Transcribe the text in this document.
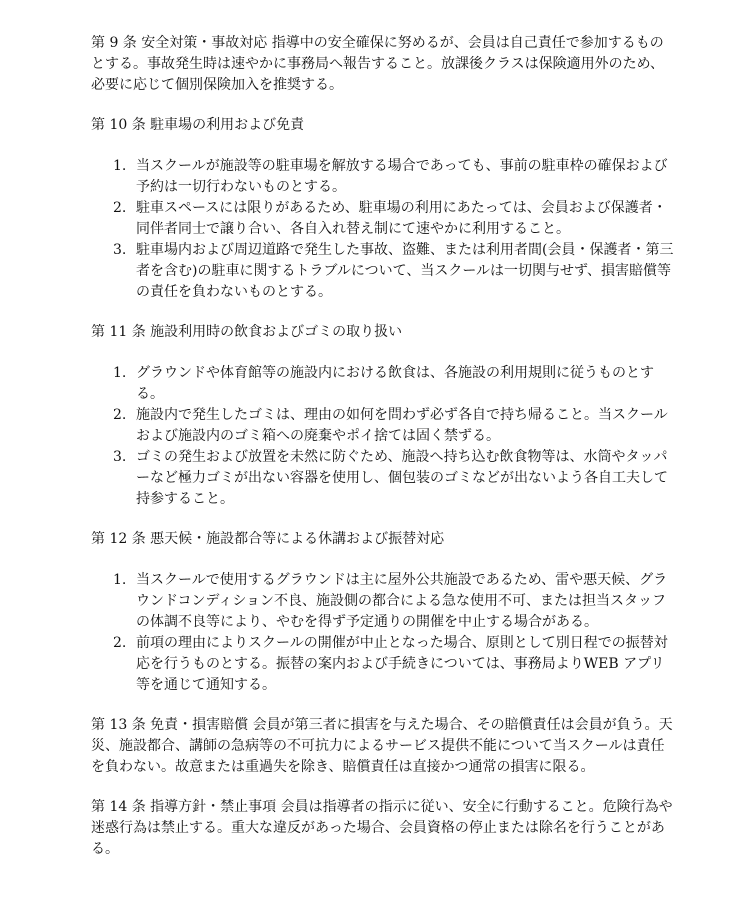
第 9 条 安全対策・事故対応 指導中の安全確保に努めるが、会員は自己責任で参加するものとする。事故発生時は速やかに事務局へ報告すること。放課後クラスは保険適用外のため、必要に応じて個別保険加入を推奨する。

第 10 条 駐車場の利用および免責

1. 当スクールが施設等の駐車場を解放する場合であっても、事前の駐車枠の確保および予約は一切行わないものとする。
2. 駐車スペースには限りがあるため、駐車場の利用にあたっては、会員および保護者・同伴者同士で譲り合い、各自入れ替え制にて速やかに利用すること。
3. 駐車場内および周辺道路で発生した事故、盗難、または利用者間(会員・保護者・第三者を含む)の駐車に関するトラブルについて、当スクールは一切関与せず、損害賠償等の責任を負わないものとする。

第 11 条 施設利用時の飲食およびゴミの取り扱い

1. グラウンドや体育館等の施設内における飲食は、各施設の利用規則に従うものとする。
2. 施設内で発生したゴミは、理由の如何を問わず必ず各自で持ち帰ること。当スクールおよび施設内のゴミ箱への廃棄やポイ捨ては固く禁ずる。
3. ゴミの発生および放置を未然に防ぐため、施設へ持ち込む飲食物等は、水筒やタッパーなど極力ゴミが出ない容器を使用し、個包装のゴミなどが出ないよう各自工夫して持参すること。

第 12 条 悪天候・施設都合等による休講および振替対応

1. 当スクールで使用するグラウンドは主に屋外公共施設であるため、雷や悪天候、グラウンドコンディション不良、施設側の都合による急な使用不可、または担当スタッフの体調不良等により、やむを得ず予定通りの開催を中止する場合がある。
2. 前項の理由によりスクールの開催が中止となった場合、原則として別日程での振替対応を行うものとする。振替の案内および手続きについては、事務局よりWEB アプリ等を通じて通知する。

第 13 条 免責・損害賠償 会員が第三者に損害を与えた場合、その賠償責任は会員が負う。天災、施設都合、講師の急病等の不可抗力によるサービス提供不能について当スクールは責任を負わない。故意または重過失を除き、賠償責任は直接かつ通常の損害に限る。

第 14 条 指導方針・禁止事項 会員は指導者の指示に従い、安全に行動すること。危険行為や迷惑行為は禁止する。重大な違反があった場合、会員資格の停止または除名を行うことがある。
